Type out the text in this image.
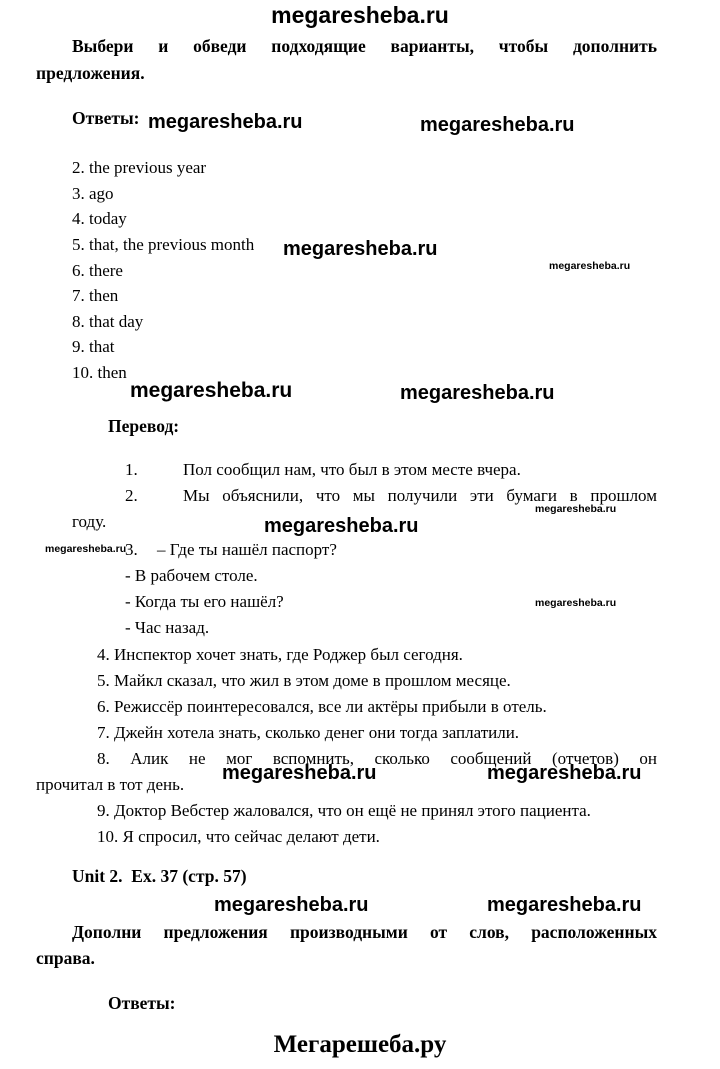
megaresheba.ru
Выбери и обведи подходящие варианты, чтобы дополнить
предложения.
Ответы: megaresheba.ru	megaresheba.ru
2. the previous year
3. ago
4. today
5. that, the previous month
6. there
7. then
8. that day
9. that
10. then
megaresheba.ru
megaresheba.ru
megaresheba.ru	megaresheba.ru
Перевод:
1.	Пол сообщил нам, что был в этом месте вчера.
2.	Мы объяснили, что мы получили эти бумаги в прошлом
megaresheba.ru
году.	megaresheba.ru
3. – Где ты нашёл паспорт?
megaresheba.ru
- В рабочем столе.
- Когда ты его нашёл?	megaresheba.ru
- Час назад.
4. Инспектор хочет знать, где Роджер был сегодня.
5. Майкл сказал, что жил в этом доме в прошлом месяце.
6. Режиссёр поинтересовался, все ли актёры прибыли в отель.
7. Джейн хотела знать, сколько денег они тогда заплатили.
8. Алик не мог вспомнить, сколько сообщений (отчетов) он
прочитал в тот день.
megaresheba.ru	megaresheba.ru
9. Доктор Вебстер жаловался, что он ещё не принял этого пациента.
10. Я спросил, что сейчас делают дети.
Unit 2.  Ex. 37 (стр. 57)
megaresheba.ru	megaresheba.ru
Дополни предложения производными от слов, расположенных
справа.
Ответы:
Мегарешеба.ру
